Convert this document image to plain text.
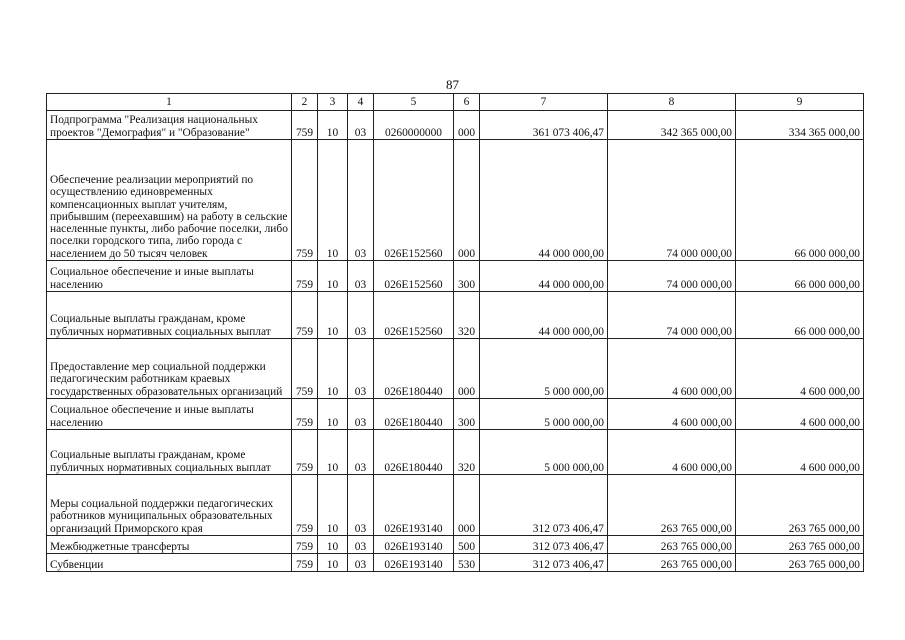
87
1	2	3	4	5	6	7	8	9
Подпрограмма "Реализация национальных проектов "Демография" и "Образование"	759	10	03	0260000000	000	361 073 406,47	342 365 000,00	334 365 000,00
Обеспечение реализации мероприятий по осуществлению единовременных компенсационных выплат учителям, прибывшим (переехавшим) на работу в сельские населенные пункты, либо рабочие поселки, либо поселки городского типа, либо города с населением до 50 тысяч человек	759	10	03	026E152560	000	44 000 000,00	74 000 000,00	66 000 000,00
Социальное обеспечение и иные выплаты населению	759	10	03	026E152560	300	44 000 000,00	74 000 000,00	66 000 000,00
Социальные выплаты гражданам, кроме публичных нормативных социальных выплат	759	10	03	026E152560	320	44 000 000,00	74 000 000,00	66 000 000,00
Предоставление мер социальной поддержки педагогическим работникам краевых государственных образовательных организаций	759	10	03	026E180440	000	5 000 000,00	4 600 000,00	4 600 000,00
Социальное обеспечение и иные выплаты населению	759	10	03	026E180440	300	5 000 000,00	4 600 000,00	4 600 000,00
Социальные выплаты гражданам, кроме публичных нормативных социальных выплат	759	10	03	026E180440	320	5 000 000,00	4 600 000,00	4 600 000,00
Меры социальной поддержки педагогических работников муниципальных образовательных организаций Приморского края	759	10	03	026E193140	000	312 073 406,47	263 765 000,00	263 765 000,00
Межбюджетные трансферты	759	10	03	026E193140	500	312 073 406,47	263 765 000,00	263 765 000,00
Субвенции	759	10	03	026E193140	530	312 073 406,47	263 765 000,00	263 765 000,00
